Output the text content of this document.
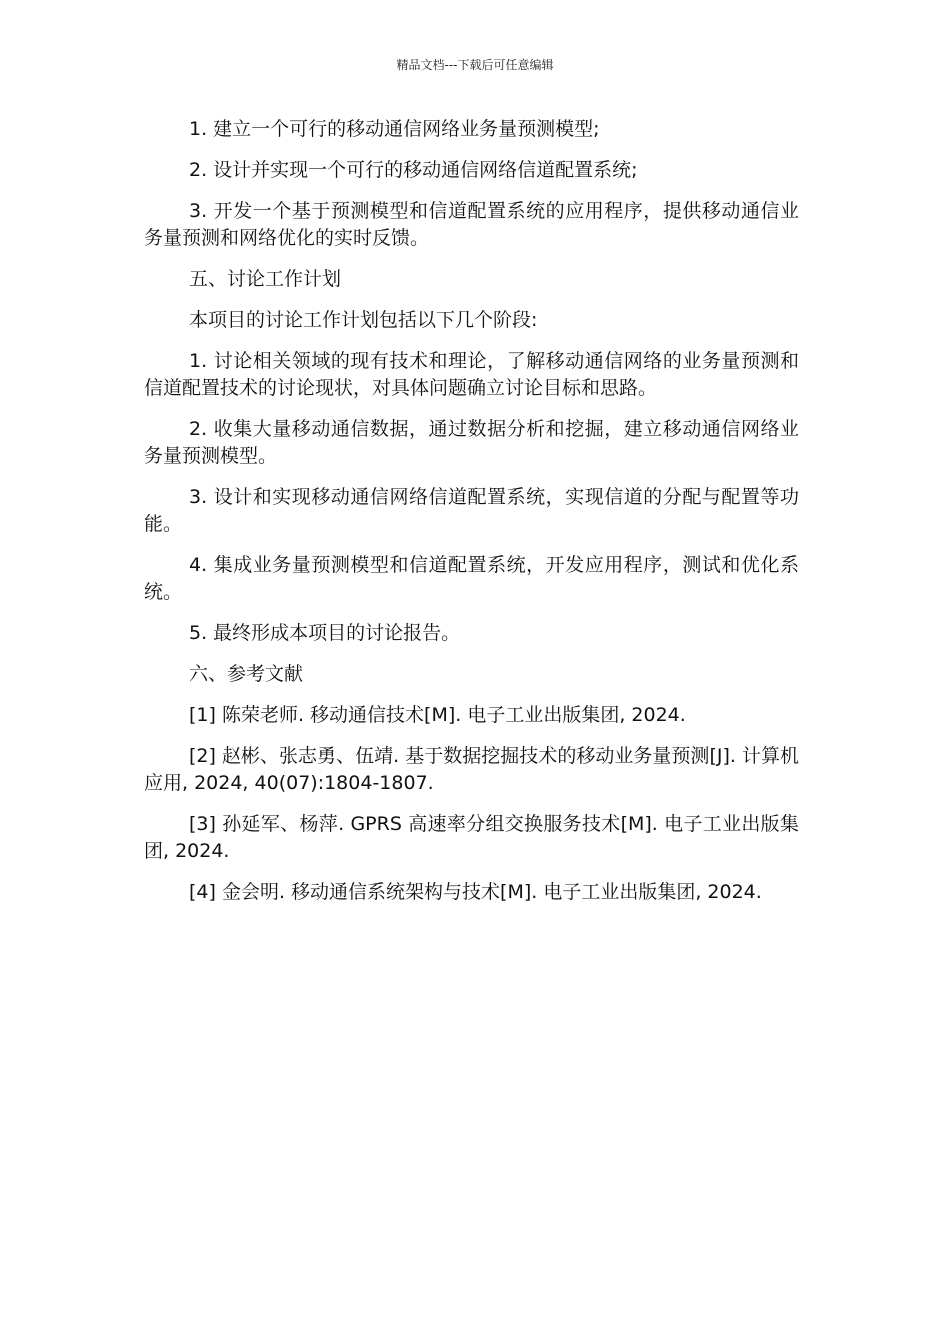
精品文档---下载后可任意编辑

1. 建立一个可行的移动通信网络业务量预测模型;

2. 设计并实现一个可行的移动通信网络信道配置系统;

3. 开发一个基于预测模型和信道配置系统的应用程序，提供移动通信业务量预测和网络优化的实时反馈。

五、讨论工作计划

本项目的讨论工作计划包括以下几个阶段:

1. 讨论相关领域的现有技术和理论，了解移动通信网络的业务量预测和信道配置技术的讨论现状，对具体问题确立讨论目标和思路。

2. 收集大量移动通信数据，通过数据分析和挖掘，建立移动通信网络业务量预测模型。

3. 设计和实现移动通信网络信道配置系统，实现信道的分配与配置等功能。

4. 集成业务量预测模型和信道配置系统，开发应用程序，测试和优化系统。

5. 最终形成本项目的讨论报告。

六、参考文献

[1] 陈荣老师. 移动通信技术[M]. 电子工业出版集团, 2024.

[2] 赵彬、张志勇、伍靖. 基于数据挖掘技术的移动业务量预测[J]. 计算机应用, 2024, 40(07):1804-1807.

[3] 孙延军、杨萍. GPRS 高速率分组交换服务技术[M]. 电子工业出版集团, 2024.

[4] 金会明. 移动通信系统架构与技术[M]. 电子工业出版集团, 2024.
